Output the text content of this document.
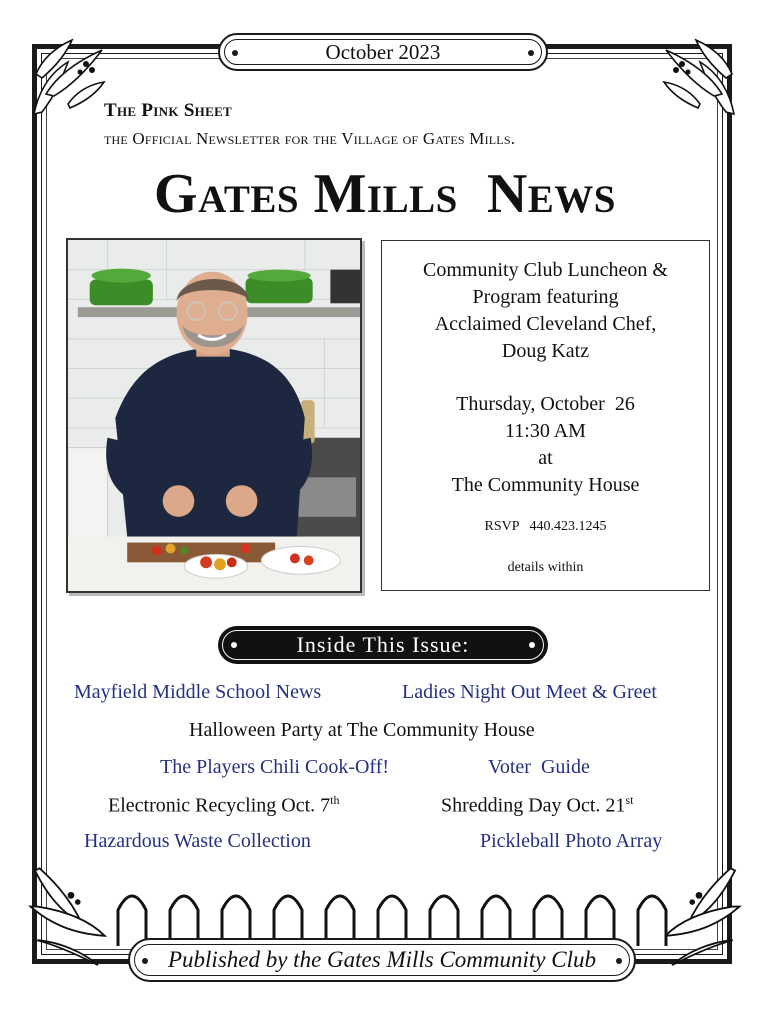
October 2023
The Pink Sheet
the Official Newsletter for the Village of Gates Mills.
Gates Mills  News
Community Club Luncheon &
Program featuring
Acclaimed Cleveland Chef,
Doug Katz
Thursday, October  26
11:30 AM
at
The Community House
RSVP   440.423.1245
details within
Inside This Issue:
Mayfield Middle School News	Ladies Night Out Meet & Greet
Halloween Party at The Community House
The Players Chili Cook-Off!	Voter  Guide
Electronic Recycling Oct. 7th	Shredding Day Oct. 21st
Hazardous Waste Collection	Pickleball Photo Array
Published by the Gates Mills Community Club
